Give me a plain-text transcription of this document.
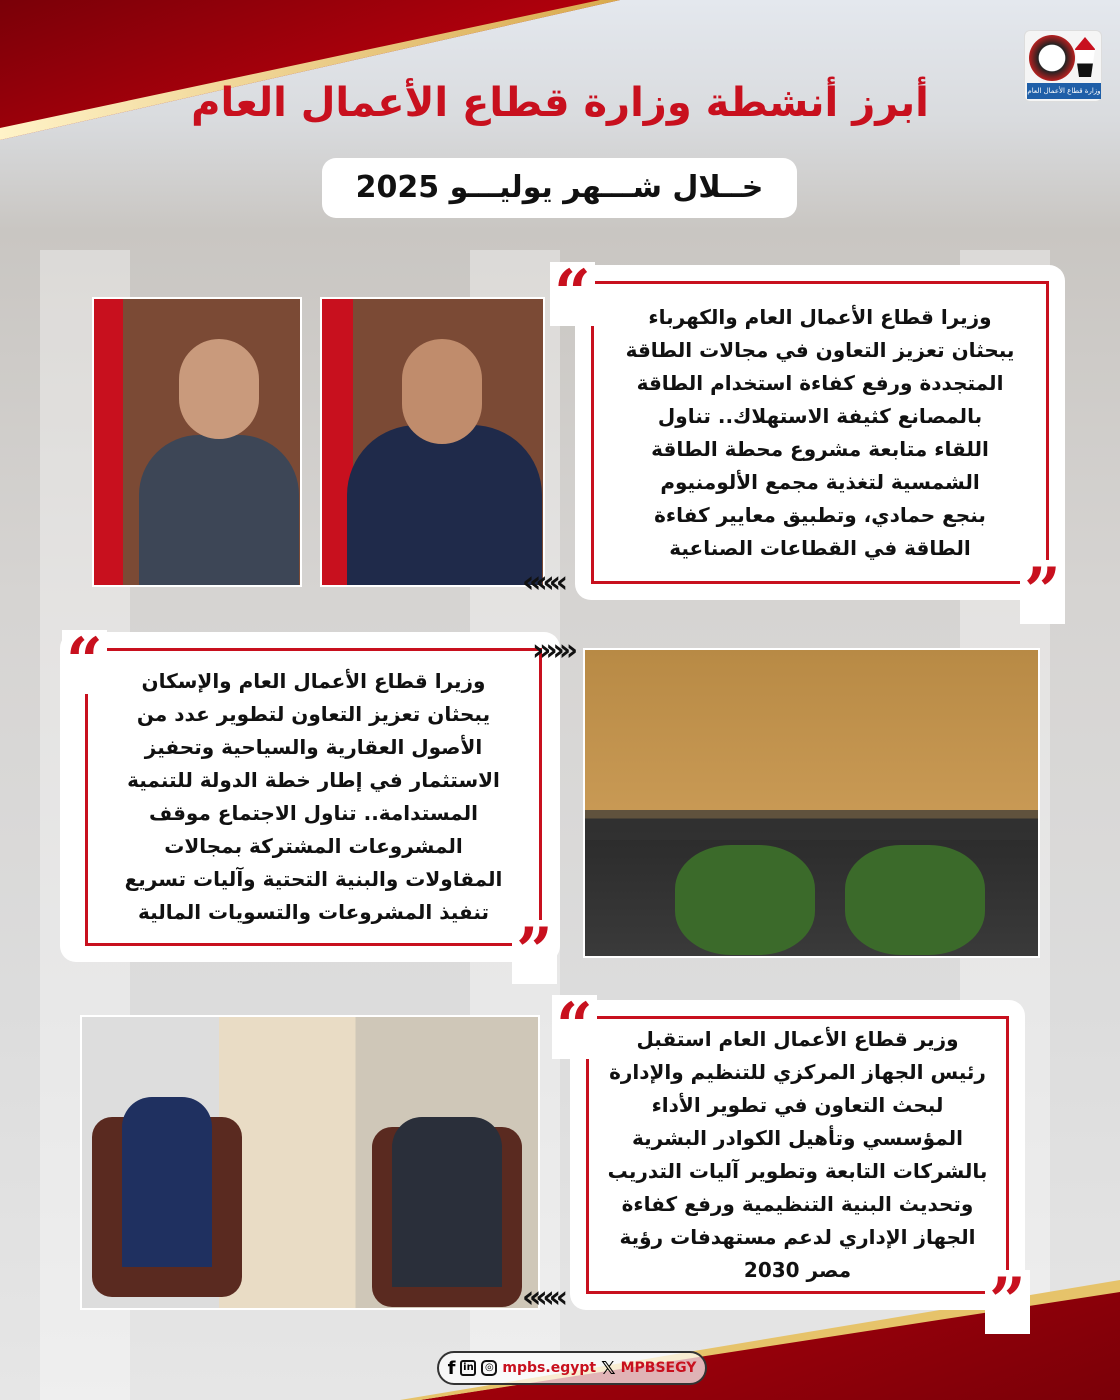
وزارة قطاع الأعمال العام
أبرز أنشطة وزارة قطاع الأعمال العام
خــلال شـــهر يوليـــو 2025
وزيرا قطاع الأعمال العام والكهرباء
يبحثان تعزيز التعاون في مجالات الطاقة
المتجددة ورفع كفاءة استخدام الطاقة
بالمصانع كثيفة الاستهلاك.. تناول
اللقاء متابعة مشروع محطة الطاقة
الشمسية لتغذية مجمع الألومنيوم
بنجع حمادي، وتطبيق معايير كفاءة
الطاقة في القطاعات الصناعية
“
”
«««
وزيرا قطاع الأعمال العام والإسكان
يبحثان تعزيز التعاون لتطوير عدد من
الأصول العقارية والسياحية وتحفيز
الاستثمار في إطار خطة الدولة للتنمية
المستدامة.. تناول الاجتماع موقف
المشروعات المشتركة بمجالات
المقاولات والبنية التحتية وآليات تسريع
تنفيذ المشروعات والتسويات المالية
“
”
»»»
وزير قطاع الأعمال العام استقبل
رئيس الجهاز المركزي للتنظيم والإدارة
لبحث التعاون في تطوير الأداء
المؤسسي وتأهيل الكوادر البشرية
بالشركات التابعة وتطوير آليات التدريب
وتحديث البنية التنظيمية ورفع كفاءة
الجهاز الإداري لدعم مستهدفات رؤية
مصر 2030
“
”
«««
f in	◎ mpbs.egypt 𝕏 MPBSEGY
